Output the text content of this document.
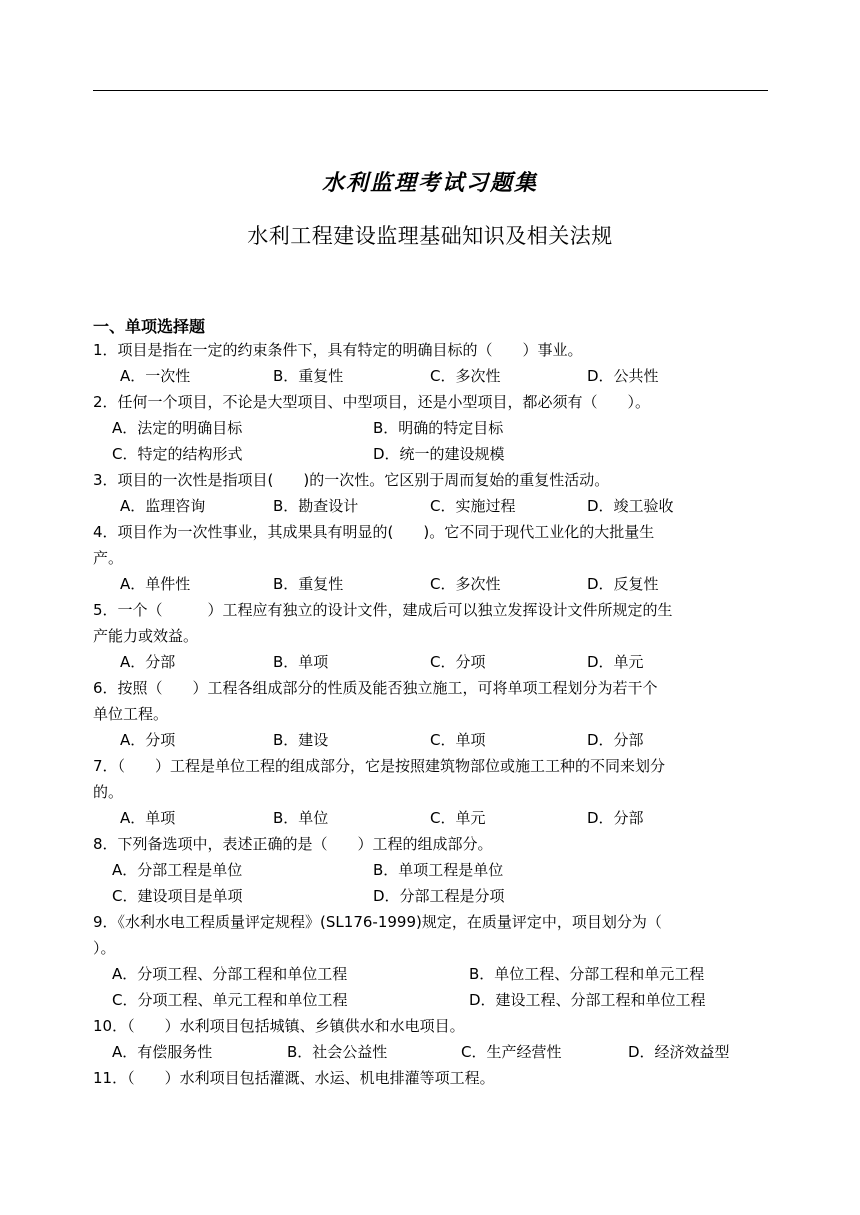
水利监理考试习题集
水利工程建设监理基础知识及相关法规
一、单项选择题
1．项目是指在一定的约束条件下，具有特定的明确目标的（　　）事业。
A．一次性	B．重复性	C．多次性	D．公共性
2．任何一个项目，不论是大型项目、中型项目，还是小型项目，都必须有（　　）。
A．法定的明确目标	B．明确的特定目标
C．特定的结构形式	D．统一的建设规模
3．项目的一次性是指项目(　　)的一次性。它区别于周而复始的重复性活动。
A．监理咨询	B．勘查设计	C．实施过程	D．竣工验收
4．项目作为一次性事业，其成果具有明显的(　　)。它不同于现代工业化的大批量生
产。
A．单件性	B．重复性	C．多次性	D．反复性
5．一个（　　　）工程应有独立的设计文件，建成后可以独立发挥设计文件所规定的生
产能力或效益。
A．分部	B．单项	C．分项	D．单元
6．按照（　　）工程各组成部分的性质及能否独立施工，可将单项工程划分为若干个
单位工程。
A．分项	B．建设	C．单项	D．分部
7．（　　）工程是单位工程的组成部分，它是按照建筑物部位或施工工种的不同来划分
的。
A．单项	B．单位	C．单元	D．分部
8．下列备选项中，表述正确的是（　　）工程的组成部分。
A．分部工程是单位	B．单项工程是单位
C．建设项目是单项	D．分部工程是分项
9．《水利水电工程质量评定规程》(SL176-1999)规定，在质量评定中，项目划分为（
）。
A．分项工程、分部工程和单位工程	B．单位工程、分部工程和单元工程
C．分项工程、单元工程和单位工程	D．建设工程、分部工程和单位工程
10．（　　）水利项目包括城镇、乡镇供水和水电项目。
A．有偿服务性	B．社会公益性	C．生产经营性	D．经济效益型
11．（　　）水利项目包括灌溉、水运、机电排灌等项工程。
